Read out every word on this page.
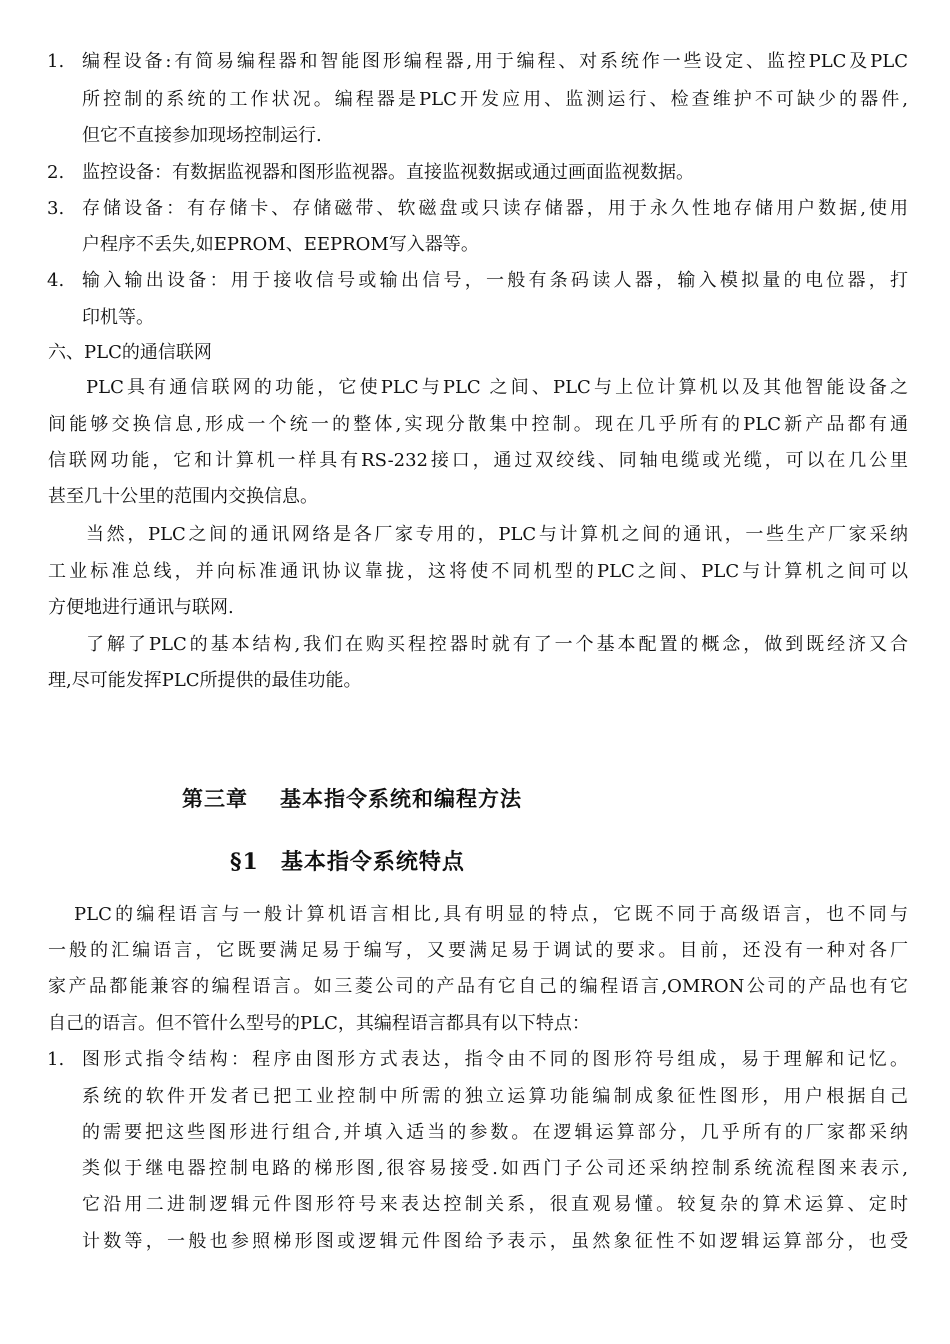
1. 编程设备:有简易编程器和智能图形编程器,用于编程、对系统作一些设定、监控PLC及PLC
所控制的系统的工作状况。编程器是PLC开发应用、监测运行、检查维护不可缺少的器件,
但它不直接参加现场控制运行.
2. 监控设备：有数据监视器和图形监视器。直接监视数据或通过画面监视数据。
3. 存储设备：有存储卡、存储磁带、软磁盘或只读存储器，用于永久性地存储用户数据,使用
户程序不丢失,如EPROM、EEPROM写入器等。
4. 输入输出设备：用于接收信号或输出信号，一般有条码读人器，输入模拟量的电位器，打
印机等。
六、PLC的通信联网
PLC具有通信联网的功能，它使PLC与PLC 之间、PLC与上位计算机以及其他智能设备之
间能够交换信息,形成一个统一的整体,实现分散集中控制。现在几乎所有的PLC新产品都有通
信联网功能，它和计算机一样具有RS-232接口，通过双绞线、同轴电缆或光缆，可以在几公里
甚至几十公里的范围内交换信息。
当然，PLC之间的通讯网络是各厂家专用的，PLC与计算机之间的通讯，一些生产厂家采纳
工业标准总线，并向标准通讯协议靠拢，这将使不同机型的PLC之间、PLC与计算机之间可以
方便地进行通讯与联网.
了解了PLC的基本结构,我们在购买程控器时就有了一个基本配置的概念，做到既经济又合
理,尽可能发挥PLC所提供的最佳功能。
第三章 基本指令系统和编程方法
§1 基本指令系统特点
PLC的编程语言与一般计算机语言相比,具有明显的特点，它既不同于高级语言，也不同与
一般的汇编语言，它既要满足易于编写，又要满足易于调试的要求。目前，还没有一种对各厂
家产品都能兼容的编程语言。如三菱公司的产品有它自己的编程语言,OMRON公司的产品也有它
自己的语言。但不管什么型号的PLC，其编程语言都具有以下特点：
1. 图形式指令结构：程序由图形方式表达，指令由不同的图形符号组成，易于理解和记忆。
系统的软件开发者已把工业控制中所需的独立运算功能编制成象征性图形，用户根据自己
的需要把这些图形进行组合,并填入适当的参数。在逻辑运算部分，几乎所有的厂家都采纳
类似于继电器控制电路的梯形图,很容易接受.如西门子公司还采纳控制系统流程图来表示,
它沿用二进制逻辑元件图形符号来表达控制关系，很直观易懂。较复杂的算术运算、定时
计数等，一般也参照梯形图或逻辑元件图给予表示，虽然象征性不如逻辑运算部分，也受
